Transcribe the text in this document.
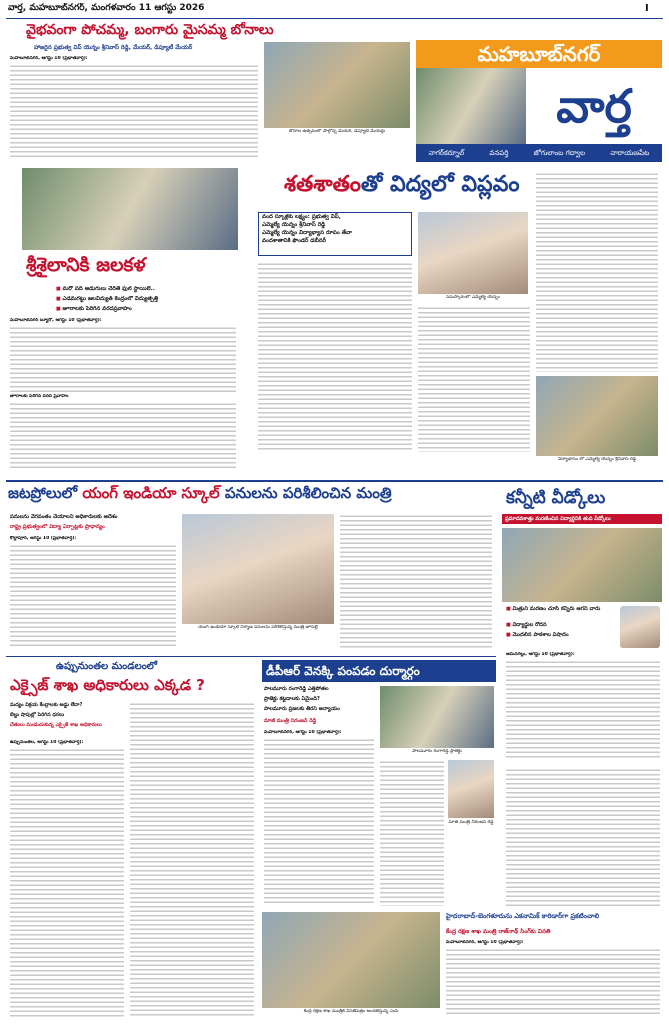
వార్త, మహబూబ్‌నగర్, మంగళవారం 11 ఆగస్టు 2026	I
వైభవంగా పోచమ్మ, బంగారు మైసమ్మ బోనాలు
హాజరైన ప్రభుత్వ విప్ యెన్నం శ్రీనివాస్ రెడ్డి, మేయర్, డిప్యూటీ మేయర్
మహబూబ్‌నగర్, ఆగస్టు 10 (ప్రభాతవార్త):
బోనాల ఉత్సవంలో పాల్గొన్న మేయర్, డిప్యూటీ మేయర్లు
మహబూబ్‌నగర్
వార్త
నాగర్‌కర్నూల్	వనపర్తి	జోగులాంబ గద్వాల	నారాయణపేట
శ్రీశైలానికి జలకళ
■ మరో పది అడుగులు చేరితే ఫుల్ స్టాయిలే..
■ ఎడమగట్టు జలవిద్యుత్ కేంద్రంలో విద్యుత్పత్తి
■ జూరాలకు పెరిగిన వరదప్రవాహం
మహబూబ్‌నగర్ బ్యూరో, ఆగస్టు 10 (ప్రభాతవార్త):
జూరాలకు పెరిగిన వరద ప్రవాహం
శతశాతంతో విద్యలో విప్లవం
వంద స్కూళ్లకు లక్ష్యం: ప్రభుత్వ విప్,
ఎమ్మెల్యే యెన్నం శ్రీనివాస్ రెడ్డి
ఎమ్మెల్యే యెన్నం విద్యాభ్యాస రూపం తేవా
వందశాతానికి ఫౌండర్ డబీనరీ
నమస్కారంలో ఎమ్మెల్యే యెన్నం
విద్యాభాసం లో ఎమ్మెల్యే యెన్నం శ్రీనివాస్ రెడ్డి
జటప్రోలులో యంగ్ ఇండియా స్కూల్ పనులను పరిశీలించిన మంత్రి
పనులను వేగవంతం చేయాలని అధికారులకు ఆదేశం
రాష్ట్ర ప్రభుత్వంలో విద్యా ఏర్పాట్లకు ప్రాధాన్యం
కొల్లాపూర్, ఆగస్టు 10 (ప్రభాతవార్త):
యంగ్ ఇండియా స్కూల్ నిర్మాణ పనులను పరిశీలిస్తున్న మంత్రి జూపల్లి
కన్నీటి వీడ్కోలు
ప్రమాదవశాత్తు మరణించిన విద్యార్థినికి తుది వీడ్కోలు
■ మిత్రుని మరణం చూసి కన్నీరు ఆగని వారు
■ విద్యార్థుల రోదన
■ మొదలిన పాఠశాల విషాదం
ఆమనగల్లు, ఆగస్టు 10 (ప్రభాతవార్త):
ఉప్పునుంతల మండలంలో
ఎక్సైజ్ శాఖ అధికారులు ఎక్కడ ?
మద్యం విక్రయ కేంద్రాలకు అడ్డు లేదా?
బెల్టు షాపుల్లో పెరిగిన ధరలు
చేతులు ముడుచుకున్న ఎక్సైజ్ శాఖ అధికారులు
ఉప్పునుంతల, ఆగస్టు 10 (ప్రభాతవార్త):
డీపీఆర్ వెనక్కి పంపడం దుర్మార్గం
పాలమూరు రంగారెడ్డి ఎత్తిపోతల
ప్రాజెక్టు కట్టడాలకు ఏమైంది?
పాలమూరు ప్రజలకు తీరని అన్యాయం
మాజీ మంత్రి నిరంజన్ రెడ్డి
మహబూబ్‌నగర్, ఆగస్టు 10 (ప్రభాతవార్త):
పాలమూరు రంగారెడ్డి ప్రాజెక్టు
మాజీ మంత్రి నిరంజన్ రెడ్డి
కేంద్ర రక్షణ శాఖ మంత్రికి వినతిపత్రం అందజేస్తున్న ఎంపీ
హైదరాబాద్-బెంగళూరును ఎకనామిక్ కారిడార్‌గా ప్రకటించాలి
కేంద్ర రక్షణ శాఖ మంత్రి రాజ్‌నాథ్ సింగ్‌కు వినతి
మహబూబ్‌నగర్, ఆగస్టు 10 (ప్రభాతవార్త):
